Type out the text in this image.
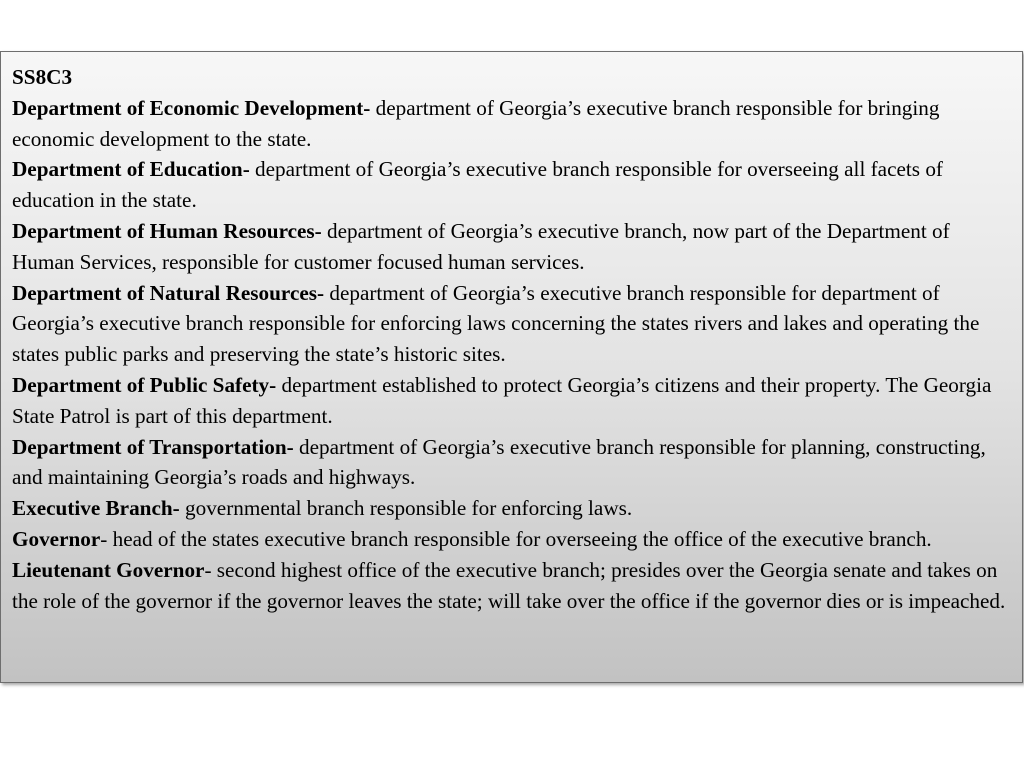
SS8C3
Department of Economic Development- department of Georgia’s executive branch responsible for bringing economic development to the state.
Department of Education- department of Georgia’s executive branch responsible for overseeing all facets of education in the state.
Department of Human Resources- department of Georgia’s executive branch, now part of the Department of Human Services, responsible for customer focused human services.
Department of Natural Resources- department of Georgia’s executive branch responsible for department of Georgia’s executive branch responsible for enforcing laws concerning the states rivers and lakes and operating the states public parks and preserving the state’s historic sites.
Department of Public Safety- department established to protect Georgia’s citizens and their property. The Georgia State Patrol is part of this department.
Department of Transportation- department of Georgia’s executive branch responsible for planning, constructing, and maintaining Georgia’s roads and highways.
Executive Branch- governmental branch responsible for enforcing laws.
Governor- head of the states executive branch responsible for overseeing the office of the executive branch.
Lieutenant Governor- second highest office of the executive branch; presides over the Georgia senate and takes on the role of the governor if the governor leaves the state; will take over the office if the governor dies or is impeached.
